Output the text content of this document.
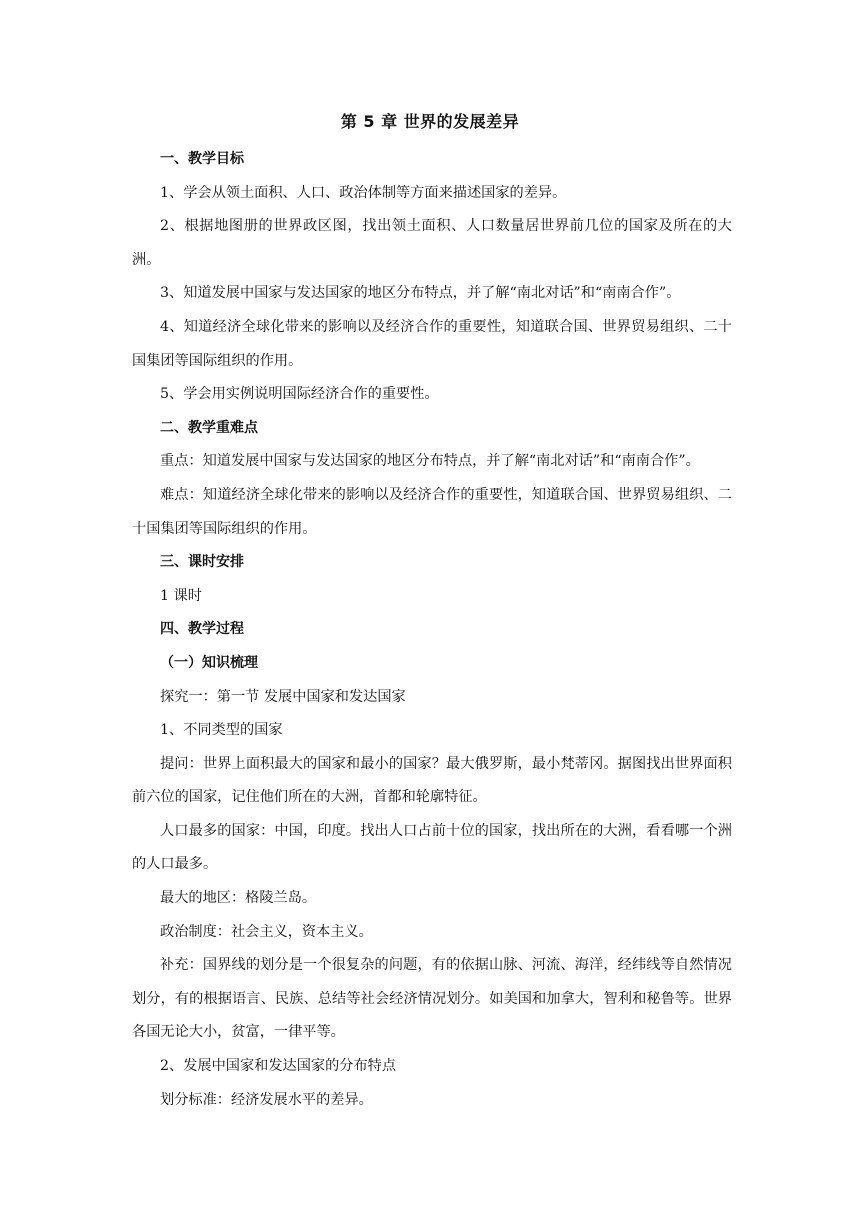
第 5 章 世界的发展差异

一、教学目标

1、学会从领土面积、人口、政治体制等方面来描述国家的差异。

2、根据地图册的世界政区图，找出领土面积、人口数量居世界前几位的国家及所在的大洲。

3、知道发展中国家与发达国家的地区分布特点，并了解“南北对话”和“南南合作”。

4、知道经济全球化带来的影响以及经济合作的重要性，知道联合国、世界贸易组织、二十国集团等国际组织的作用。

5、学会用实例说明国际经济合作的重要性。

二、教学重难点

重点：知道发展中国家与发达国家的地区分布特点，并了解“南北对话”和“南南合作”。

难点：知道经济全球化带来的影响以及经济合作的重要性，知道联合国、世界贸易组织、二十国集团等国际组织的作用。

三、课时安排

1 课时

四、教学过程

（一）知识梳理

探究一：第一节 发展中国家和发达国家

1、不同类型的国家

提问：世界上面积最大的国家和最小的国家？最大俄罗斯，最小梵蒂冈。据图找出世界面积前六位的国家，记住他们所在的大洲，首都和轮廓特征。

人口最多的国家：中国，印度。找出人口占前十位的国家，找出所在的大洲，看看哪一个洲的人口最多。

最大的地区：格陵兰岛。

政治制度：社会主义，资本主义。

补充：国界线的划分是一个很复杂的问题，有的依据山脉、河流、海洋，经纬线等自然情况划分，有的根据语言、民族、总结等社会经济情况划分。如美国和加拿大，智利和秘鲁等。世界各国无论大小，贫富，一律平等。

2、发展中国家和发达国家的分布特点

划分标准：经济发展水平的差异。
